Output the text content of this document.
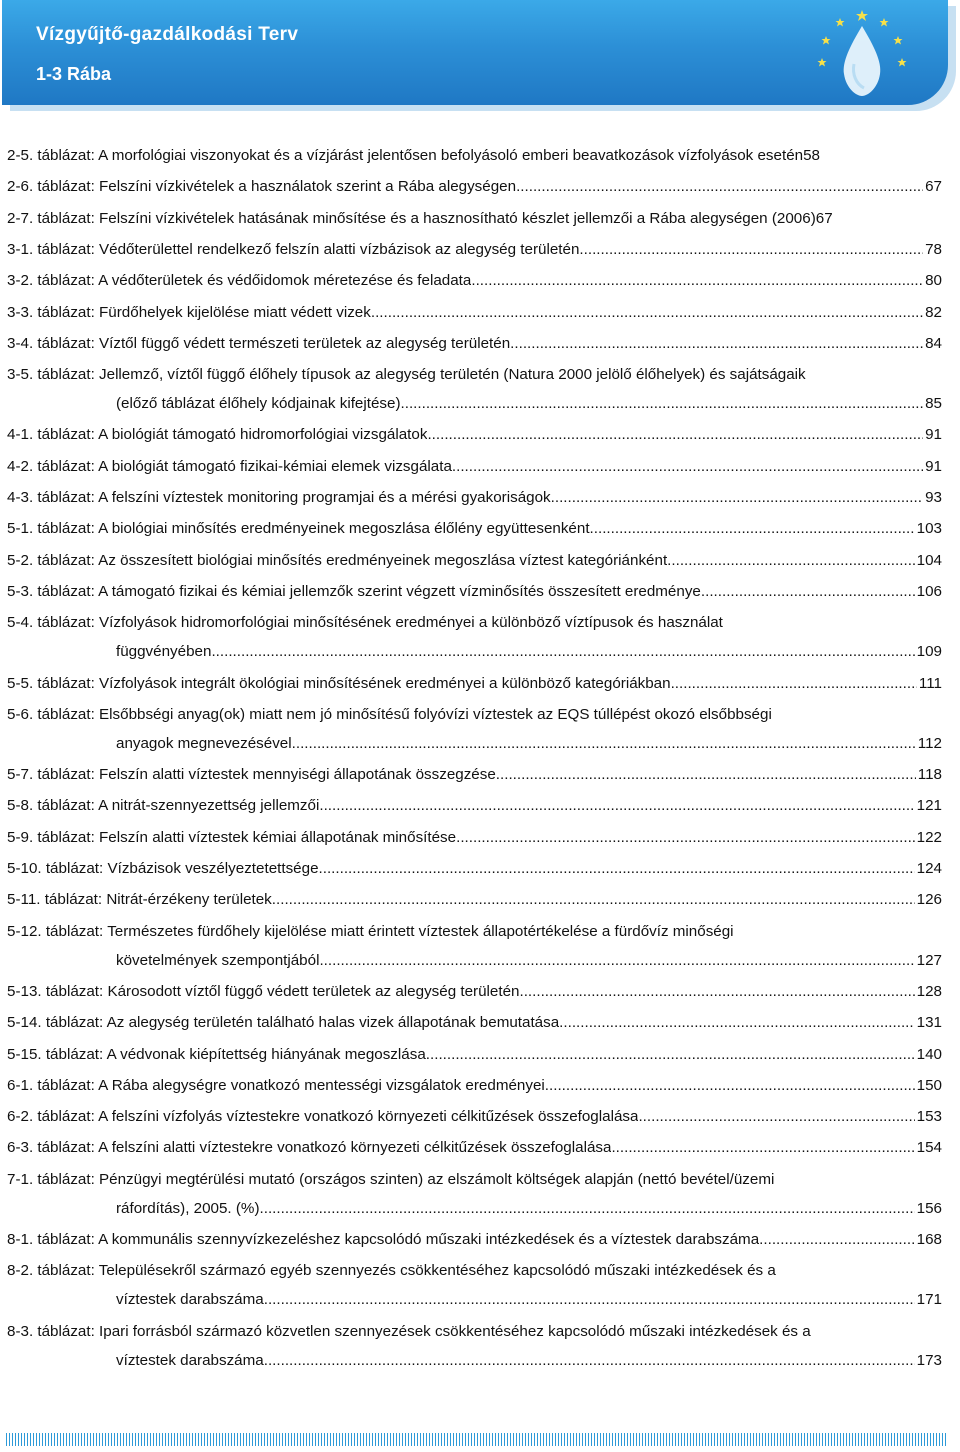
Vízgyűjtő-gazdálkodási Terv
1-3 Rába
2-5. táblázat: A morfológiai viszonyokat és a vízjárást jelentősen befolyásoló emberi beavatkozások vízfolyások esetén 58
2-6. táblázat: Felszíni vízkivételek a használatok szerint a Rába alegységen .....	67
2-7. táblázat: Felszíni vízkivételek hatásának minősítése és a hasznosítható készlet jellemzői a Rába alegységen (2006) 67
3-1. táblázat: Védőterülettel rendelkező felszín alatti vízbázisok az alegység területén .....	78
3-2. táblázat: A védőterületek és védőidomok méretezése és feladata .....	80
3-3. táblázat: Fürdőhelyek kijelölése miatt védett vizek .....	82
3-4. táblázat: Víztől függő védett természeti területek az alegység területén .....	84
3-5. táblázat: Jellemző, víztől függő élőhely típusok az alegység területén (Natura 2000 jelölő élőhelyek) és sajátságaik
(előző táblázat élőhely kódjainak kifejtése) .....	85
4-1. táblázat: A biológiát támogató hidromorfológiai vizsgálatok .....	91
4-2. táblázat: A biológiát támogató fizikai-kémiai elemek vizsgálata .....	91
4-3. táblázat: A felszíni víztestek monitoring programjai és a mérési gyakoriságok .....	93
5-1. táblázat: A biológiai minősítés eredményeinek megoszlása élőlény együttesenként .....	103
5-2. táblázat: Az összesített biológiai minősítés eredményeinek megoszlása víztest kategóriánként .....	104
5-3. táblázat: A támogató fizikai és kémiai jellemzők szerint végzett vízminősítés összesített eredménye .....	106
5-4. táblázat: Vízfolyások hidromorfológiai minősítésének eredményei a különböző víztípusok és használat
függvényében .....	109
5-5. táblázat: Vízfolyások integrált ökológiai minősítésének eredményei a különböző kategóriákban .....	111
5-6. táblázat: Elsőbbségi anyag(ok) miatt nem jó minősítésű folyóvízi víztestek az EQS túllépést okozó elsőbbségi
anyagok megnevezésével .....	112
5-7. táblázat: Felszín alatti víztestek mennyiségi állapotának összegzése .....	118
5-8. táblázat: A nitrát-szennyezettség jellemzői .....	121
5-9. táblázat: Felszín alatti víztestek kémiai állapotának minősítése .....	122
5-10. táblázat: Vízbázisok veszélyeztetettsége .....	124
5-11. táblázat: Nitrát-érzékeny területek .....	126
5-12. táblázat: Természetes fürdőhely kijelölése miatt érintett víztestek állapotértékelése a fürdővíz minőségi
követelmények szempontjából .....	127
5-13. táblázat: Károsodott víztől függő védett területek az alegység területén .....	128
5-14. táblázat: Az alegység területén található halas vizek állapotának bemutatása .....	131
5-15. táblázat: A védvonak kiépítettség hiányának megoszlása .....	140
6-1. táblázat: A Rába alegységre vonatkozó mentességi vizsgálatok eredményei .....	150
6-2. táblázat: A felszíni vízfolyás víztestekre vonatkozó környezeti célkitűzések összefoglalása .....	153
6-3. táblázat: A felszíni alatti víztestekre vonatkozó környezeti célkitűzések összefoglalása .....	154
7-1. táblázat: Pénzügyi megtérülési mutató (országos szinten) az elszámolt költségek alapján (nettó bevétel/üzemi
ráfordítás), 2005. (%) .....	156
8-1. táblázat: A kommunális szennyvízkezeléshez kapcsolódó műszaki intézkedések és a víztestek darabszáma .....	168
8-2. táblázat: Településekről származó egyéb szennyezés csökkentéséhez kapcsolódó műszaki intézkedések és a
víztestek darabszáma .....	171
8-3. táblázat: Ipari forrásból származó közvetlen szennyezések csökkentéséhez kapcsolódó műszaki intézkedések és a
víztestek darabszáma .....	173
